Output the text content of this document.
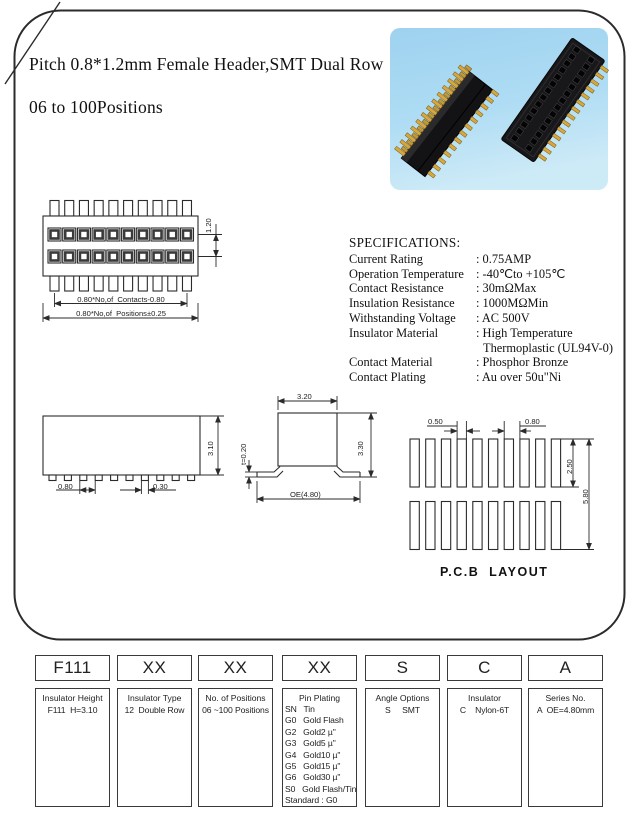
Pitch 0.8*1.2mm Female Header,SMT Dual Row

06 to 100Positions

SPECIFICATIONS:
Current Rating	: 0.75AMP
Operation Temperature : -40℃to +105℃
Contact Resistance	: 30mΩMax
Insulation Resistance	: 1000MΩMin
Withstanding Voltage	: AC 500V
Insulator Material	: High Temperature
Thermoplastic (UL94V-0)
Contact Material	: Phosphor Bronze
Contact Plating	: Au over 50u"Ni
1.20
0.80*No,of  Contacts-0.80
0.80*No,of  Positions±0.25
3.10
0.80	0.30
3.20
3.30
t=0.20
OE(4.80)
0.50	0.80
2.50
5.80
P.C.B  LAYOUT
F111
Insulator Height
F111  H=3.10
XX
Insulator Type
12  Double Row
XX
No. of Positions
06 ~100 Positions
XX
Pin Plating
SN   Tin
G0   Gold Flash
G2   Gold2 µ"
G3   Gold5 µ"
G4   Gold10 µ"
G5   Gold15 µ"
G6   Gold30 µ"
S0   Gold Flash/Tin
Standard : G0
S
Angle Options
S     SMT
C
Insulator
C    Nylon-6T
A
Series No.
A  OE=4.80mm
